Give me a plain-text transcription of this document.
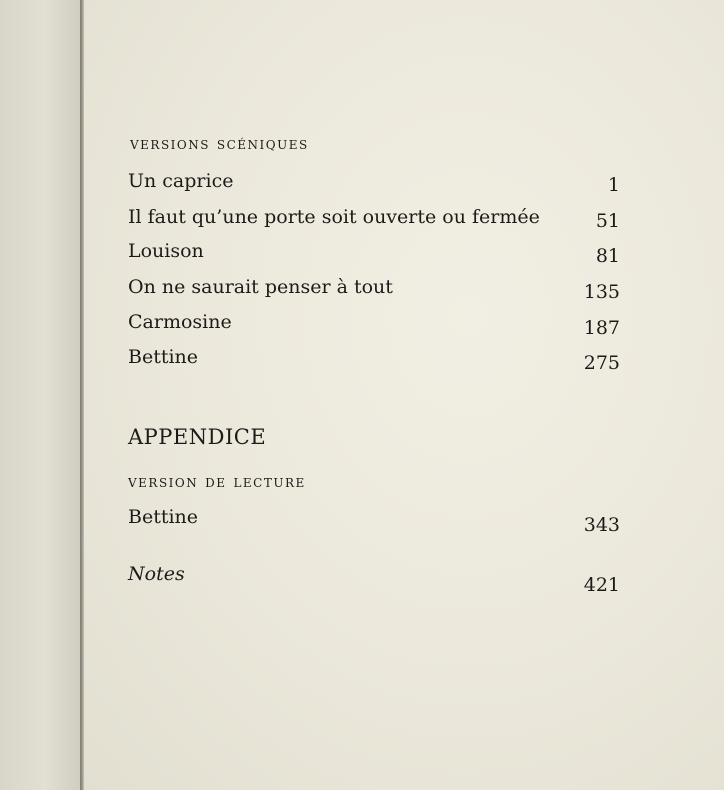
versions scéniques
Un caprice	1
Il faut qu’une porte soit ouverte ou fermée	51
Louison	81
On ne saurait penser à tout	135
Carmosine	187
Bettine	275
APPENDICE
version de lecture
Bettine	343
Notes	421
